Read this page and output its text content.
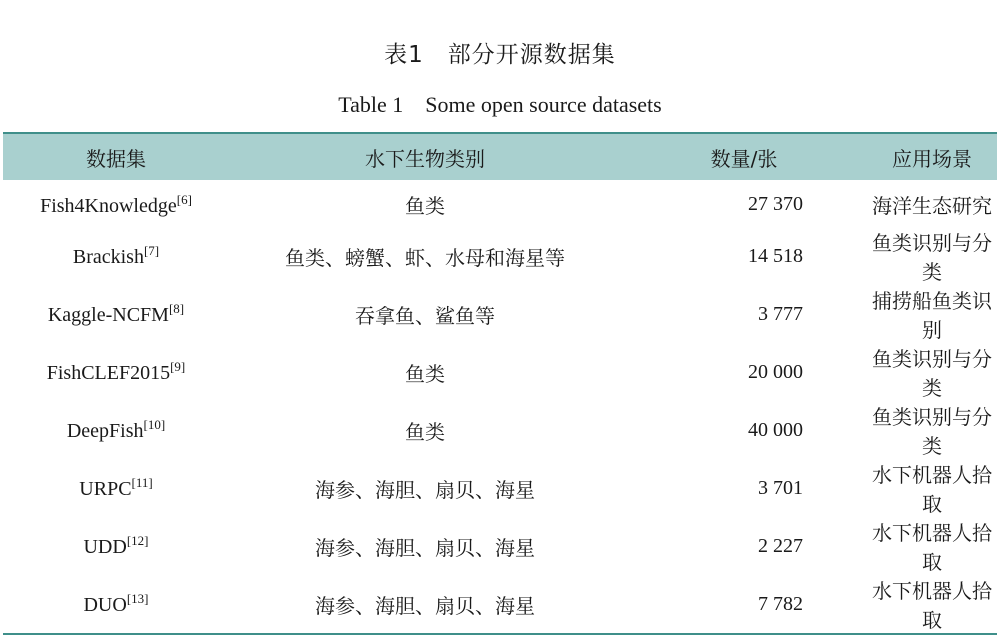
表1　部分开源数据集
Table 1　Some open source datasets
数据集	水下生物类别	数量/张	应用场景
Fish4Knowledge[6]	鱼类	27 370	海洋生态研究
Brackish[7]	鱼类、螃蟹、虾、水母和海星等	14 518	鱼类识别与分类
Kaggle-NCFM[8]	吞拿鱼、鲨鱼等	3 777	捕捞船鱼类识别
FishCLEF2015[9]	鱼类	20 000	鱼类识别与分类
DeepFish[10]	鱼类	40 000	鱼类识别与分类
URPC[11]	海参、海胆、扇贝、海星	3 701	水下机器人拾取
UDD[12]	海参、海胆、扇贝、海星	2 227	水下机器人拾取
DUO[13]	海参、海胆、扇贝、海星	7 782	水下机器人拾取
